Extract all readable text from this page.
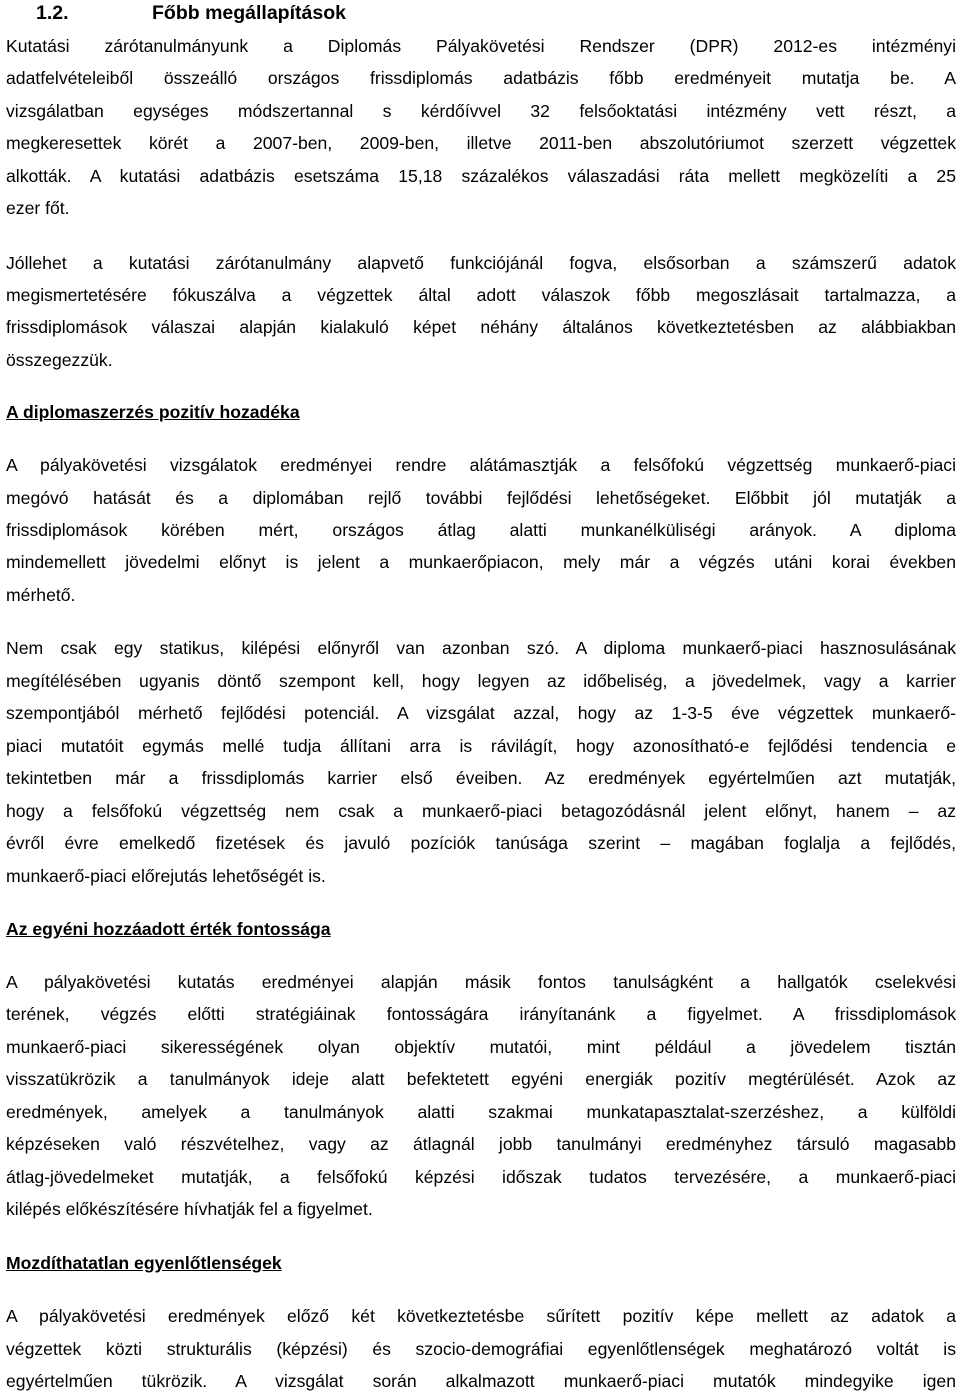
1.2.	Főbb megállapítások
Kutatási zárótanulmányunk a Diplomás Pályakövetési Rendszer (DPR) 2012-es intézményi
adatfelvételeiből összeálló országos frissdiplomás adatbázis főbb eredményeit mutatja be. A
vizsgálatban egységes módszertannal s kérdőívvel 32 felsőoktatási intézmény vett részt, a
megkeresettek körét a 2007-ben, 2009-ben, illetve 2011-ben abszolutóriumot szerzett végzettek
alkották. A kutatási adatbázis esetszáma 15,18 százalékos válaszadási ráta mellett megközelíti a 25
ezer főt.
Jóllehet a kutatási zárótanulmány alapvető funkciójánál fogva, elsősorban a számszerű adatok
megismertetésére fókuszálva a végzettek által adott válaszok főbb megoszlásait tartalmazza, a
frissdiplomások válaszai alapján kialakuló képet néhány általános következtetésben az alábbiakban
összegezzük.
A diplomaszerzés pozitív hozadéka
A pályakövetési vizsgálatok eredményei rendre alátámasztják a felsőfokú végzettség munkaerő-piaci
megóvó hatását és a diplomában rejlő további fejlődési lehetőségeket. Előbbit jól mutatják a
frissdiplomások körében mért, országos átlag alatti munkanélküliségi arányok. A diploma
mindemellett jövedelmi előnyt is jelent a munkaerőpiacon, mely már a végzés utáni korai években
mérhető.
Nem csak egy statikus, kilépési előnyről van azonban szó. A diploma munkaerő-piaci hasznosulásának
megítélésében ugyanis döntő szempont kell, hogy legyen az időbeliség, a jövedelmek, vagy a karrier
szempontjából mérhető fejlődési potenciál. A vizsgálat azzal, hogy az 1-3-5 éve végzettek munkaerő-
piaci mutatóit egymás mellé tudja állítani arra is rávilágít, hogy azonosítható-e fejlődési tendencia e
tekintetben már a frissdiplomás karrier első éveiben. Az eredmények egyértelműen azt mutatják,
hogy a felsőfokú végzettség nem csak a munkaerő-piaci betagozódásnál jelent előnyt, hanem – az
évről évre emelkedő fizetések és javuló pozíciók tanúsága szerint – magában foglalja a fejlődés,
munkaerő-piaci előrejutás lehetőségét is.
Az egyéni hozzáadott érték fontossága
A pályakövetési kutatás eredményei alapján másik fontos tanulságként a hallgatók cselekvési
terének, végzés előtti stratégiáinak fontosságára irányítanánk a figyelmet. A frissdiplomások
munkaerő-piaci sikerességének olyan objektív mutatói, mint például a jövedelem tisztán
visszatükrözik a tanulmányok ideje alatt befektetett egyéni energiák pozitív megtérülését. Azok az
eredmények, amelyek a tanulmányok alatti szakmai munkatapasztalat-szerzéshez, a külföldi
képzéseken való részvételhez, vagy az átlagnál jobb tanulmányi eredményhez társuló magasabb
átlag-jövedelmeket mutatják, a felsőfokú képzési időszak tudatos tervezésére, a munkaerő-piaci
kilépés előkészítésére hívhatják fel a figyelmet.
Mozdíthatatlan egyenlőtlenségek
A pályakövetési eredmények előző két következtetésbe sűrített pozitív képe mellett az adatok a
végzettek közti strukturális (képzési) és szocio-demográfiai egyenlőtlenségek meghatározó voltát is
egyértelműen tükrözik. A vizsgálat során alkalmazott munkaerő-piaci mutatók mindegyike igen
